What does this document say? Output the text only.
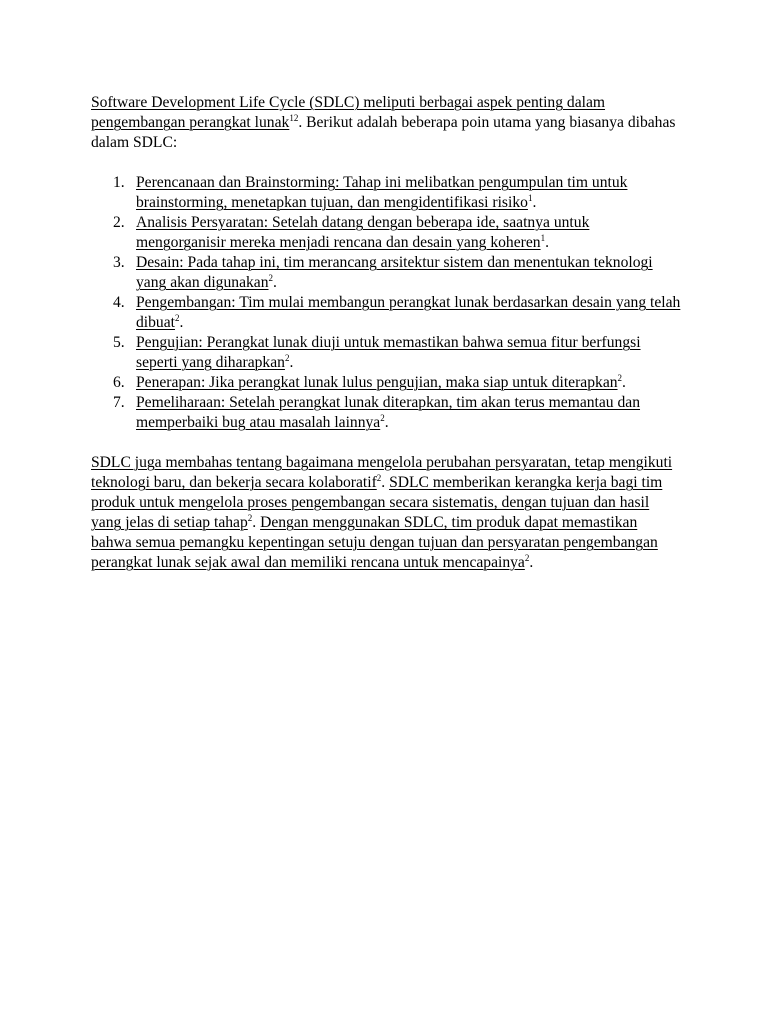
Software Development Life Cycle (SDLC) meliputi berbagai aspek penting dalam pengembangan perangkat lunak$^{12}$. Berikut adalah beberapa poin utama yang biasanya dibahas dalam SDLC:

1. Perencanaan dan Brainstorming: Tahap ini melibatkan pengumpulan tim untuk brainstorming, menetapkan tujuan, dan mengidentifikasi risiko$^1$.
2. Analisis Persyaratan: Setelah datang dengan beberapa ide, saatnya untuk mengorganisir mereka menjadi rencana dan desain yang koheren$^1$.
3. Desain: Pada tahap ini, tim merancang arsitektur sistem dan menentukan teknologi yang akan digunakan$^2$.
4. Pengembangan: Tim mulai membangun perangkat lunak berdasarkan desain yang telah dibuat$^2$.
5. Pengujian: Perangkat lunak diuji untuk memastikan bahwa semua fitur berfungsi seperti yang diharapkan$^2$.
6. Penerapan: Jika perangkat lunak lulus pengujian, maka siap untuk diterapkan$^2$.
7. Pemeliharaan: Setelah perangkat lunak diterapkan, tim akan terus memantau dan memperbaiki bug atau masalah lainnya$^2$.

SDLC juga membahas tentang bagaimana mengelola perubahan persyaratan, tetap mengikuti teknologi baru, dan bekerja secara kolaboratif$^2$. SDLC memberikan kerangka kerja bagi tim produk untuk mengelola proses pengembangan secara sistematis, dengan tujuan dan hasil yang jelas di setiap tahap$^2$. Dengan menggunakan SDLC, tim produk dapat memastikan bahwa semua pemangku kepentingan setuju dengan tujuan dan persyaratan pengembangan perangkat lunak sejak awal dan memiliki rencana untuk mencapainya$^2$.
